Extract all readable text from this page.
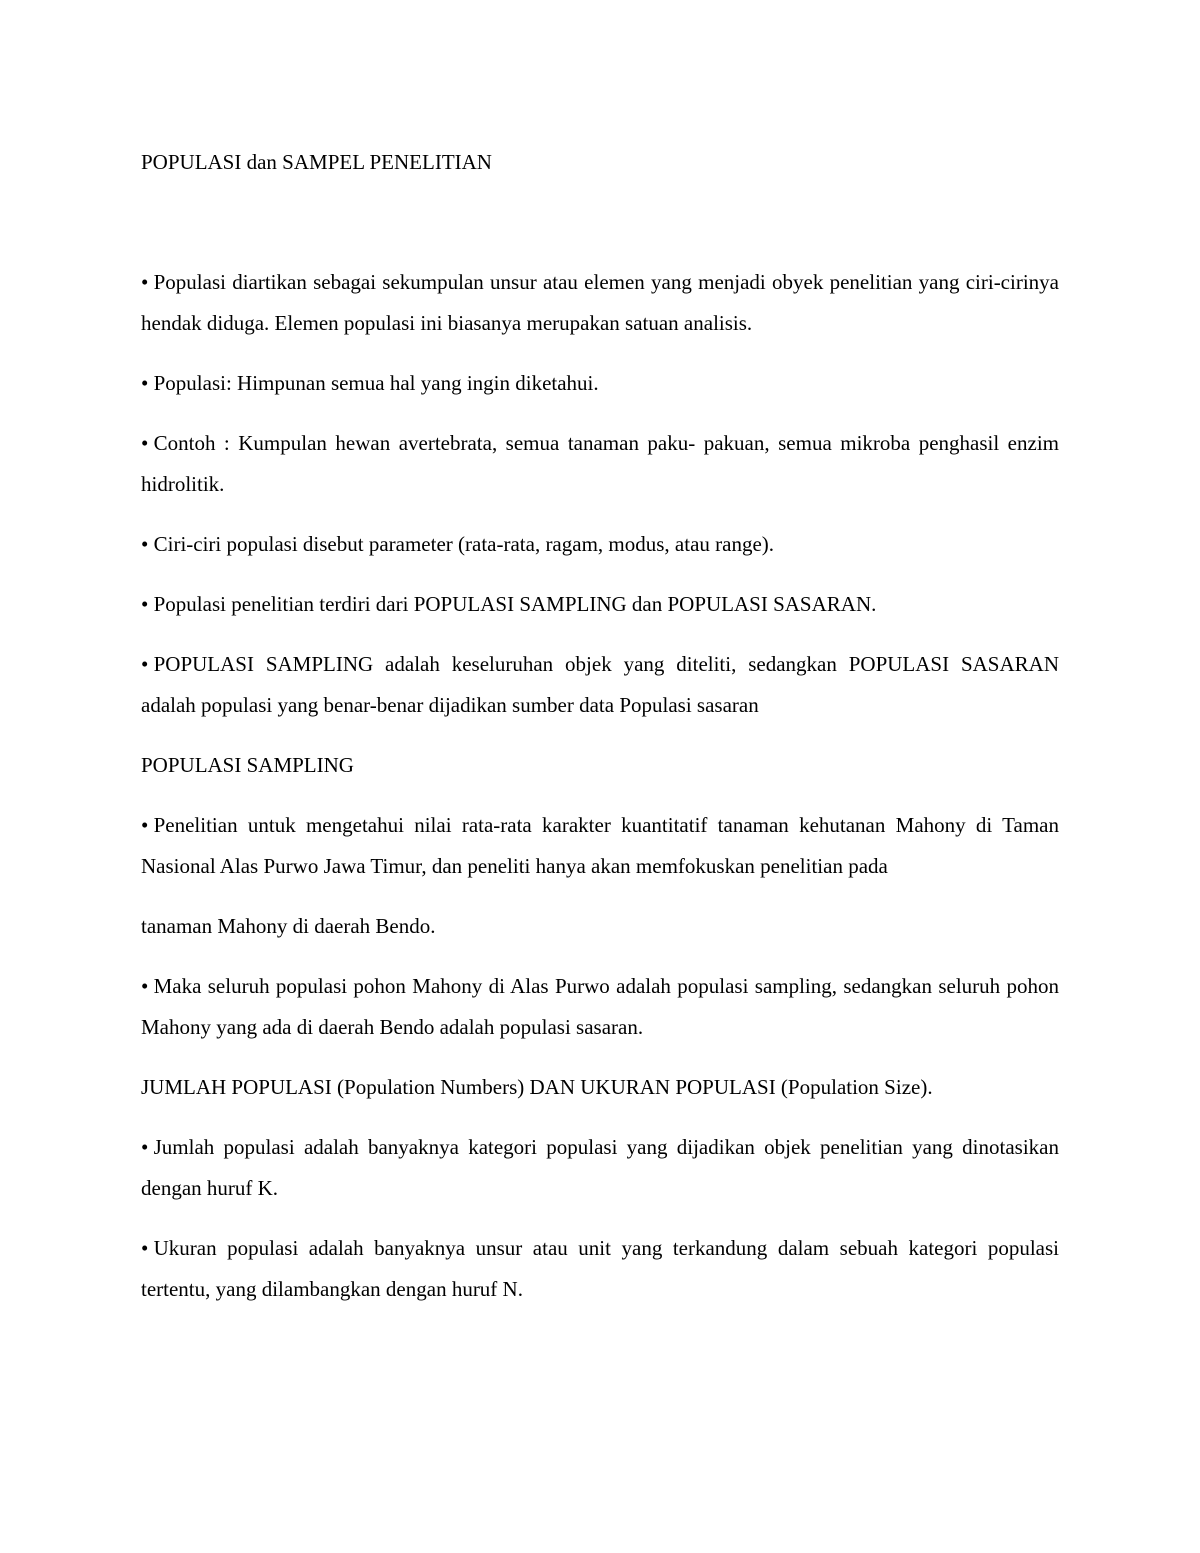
POPULASI dan SAMPEL PENELITIAN

• Populasi diartikan sebagai sekumpulan unsur atau elemen yang menjadi obyek penelitian yang ciri-cirinya hendak diduga. Elemen populasi ini biasanya merupakan satuan analisis.

• Populasi: Himpunan semua hal yang ingin diketahui.

• Contoh : Kumpulan hewan avertebrata, semua tanaman paku- pakuan, semua mikroba penghasil enzim hidrolitik.

• Ciri-ciri populasi disebut parameter (rata-rata, ragam, modus, atau range).

• Populasi penelitian terdiri dari POPULASI SAMPLING dan POPULASI SASARAN.

• POPULASI SAMPLING adalah keseluruhan objek yang diteliti, sedangkan POPULASI SASARAN adalah populasi yang benar-benar dijadikan sumber data Populasi sasaran

POPULASI SAMPLING

• Penelitian untuk mengetahui nilai rata-rata karakter kuantitatif tanaman kehutanan Mahony di Taman Nasional Alas Purwo Jawa Timur, dan peneliti hanya akan memfokuskan penelitian pada

tanaman Mahony di daerah Bendo.

• Maka seluruh populasi pohon Mahony di Alas Purwo adalah populasi sampling, sedangkan seluruh pohon Mahony yang ada di daerah Bendo adalah populasi sasaran.

JUMLAH POPULASI (Population Numbers) DAN UKURAN POPULASI (Population Size).

• Jumlah populasi adalah banyaknya kategori populasi yang dijadikan objek penelitian yang dinotasikan dengan huruf K.

• Ukuran populasi adalah banyaknya unsur atau unit yang terkandung dalam sebuah kategori populasi tertentu, yang dilambangkan dengan huruf N.
